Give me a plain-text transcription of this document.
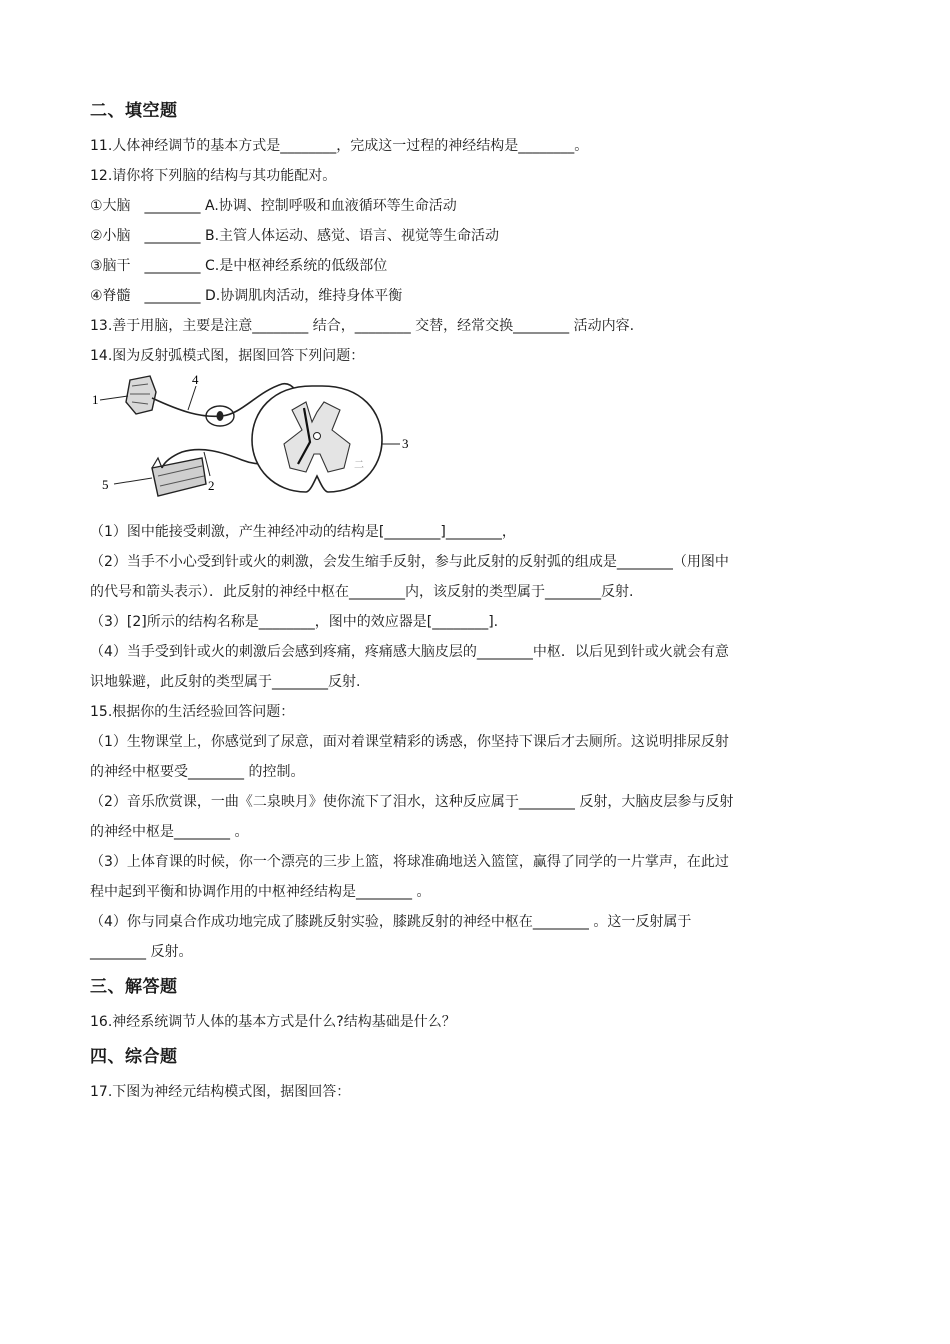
二、填空题
11.人体神经调节的基本方式是________，完成这一过程的神经结构是________。
12.请你将下列脑的结构与其功能配对。
①大脑　________ A.协调、控制呼吸和血液循环等生命活动
②小脑　________ B.主管人体运动、感觉、语言、视觉等生命活动
③脑干　________ C.是中枢神经系统的低级部位
④脊髓　________ D.协调肌肉活动，维持身体平衡
13.善于用脑，主要是注意________ 结合，________ 交替，经常交换________ 活动内容.
14.图为反射弧模式图，据图回答下列问题：
1
4
2
5
3
二
（1）图中能接受刺激，产生神经冲动的结构是[________]________，
（2）当手不小心受到针或火的刺激，会发生缩手反射，参与此反射的反射弧的组成是________（用图中
的代号和箭头表示）．此反射的神经中枢在________内，该反射的类型属于________反射.
（3）[2]所示的结构名称是________，图中的效应器是[________].
（4）当手受到针或火的刺激后会感到疼痛，疼痛感大脑皮层的________中枢．以后见到针或火就会有意
识地躲避，此反射的类型属于________反射.
15.根据你的生活经验回答问题：
（1）生物课堂上，你感觉到了尿意，面对着课堂精彩的诱惑，你坚持下课后才去厕所。这说明排尿反射
的神经中枢要受________ 的控制。
（2）音乐欣赏课，一曲《二泉映月》使你流下了泪水，这种反应属于________ 反射，大脑皮层参与反射
的神经中枢是________ 。
（3）上体育课的时候，你一个漂亮的三步上篮，将球准确地送入篮筐，赢得了同学的一片掌声，在此过
程中起到平衡和协调作用的中枢神经结构是________ 。
（4）你与同桌合作成功地完成了膝跳反射实验，膝跳反射的神经中枢在________ 。这一反射属于
________ 反射。
三、解答题
16.神经系统调节人体的基本方式是什么?结构基础是什么？
四、综合题
17.下图为神经元结构模式图，据图回答：
